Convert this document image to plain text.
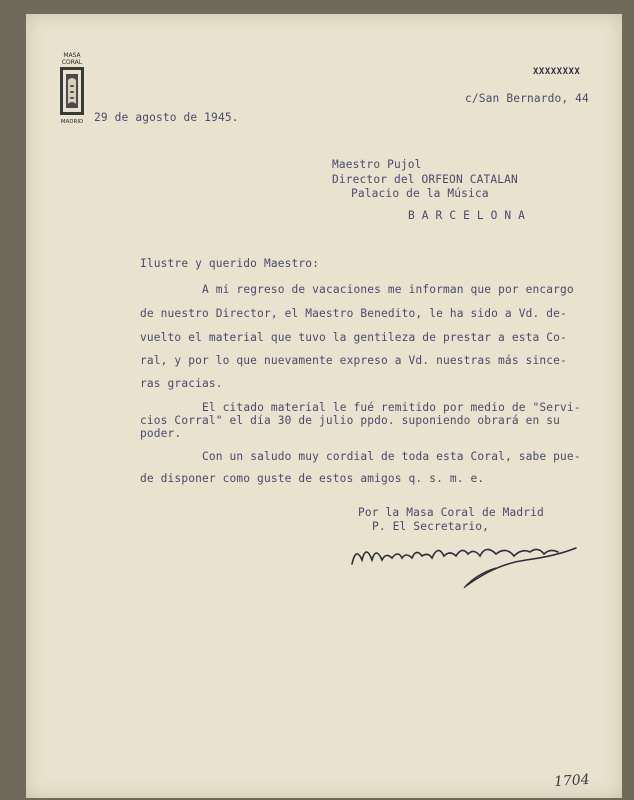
MASA
CORAL
MADRID
XXXXXXXX
c/San Bernardo, 44
29 de agosto de 1945.
Maestro Pujol
Director del ORFEON CATALAN
Palacio de la Música
B A R C E L O N A
Ilustre y querido Maestro:
A mi regreso de vacaciones me informan que por encargo
de nuestro Director, el Maestro Benedito, le ha sido a Vd. de-
vuelto el material que tuvo la gentileza de prestar a esta Co-
ral, y por lo que nuevamente expreso a Vd. nuestras más since-
ras gracias.
El citado material le fué remitido por medio de "Servi-
cios Corral" el día 30 de julio ppdo. suponiendo obrará en su
poder.
Con un saludo muy cordial de toda esta Coral, sabe pue-
de disponer como guste de estos amigos q. s. m. e.
Por la Masa Coral de Madrid
P. El Secretario,
1704
